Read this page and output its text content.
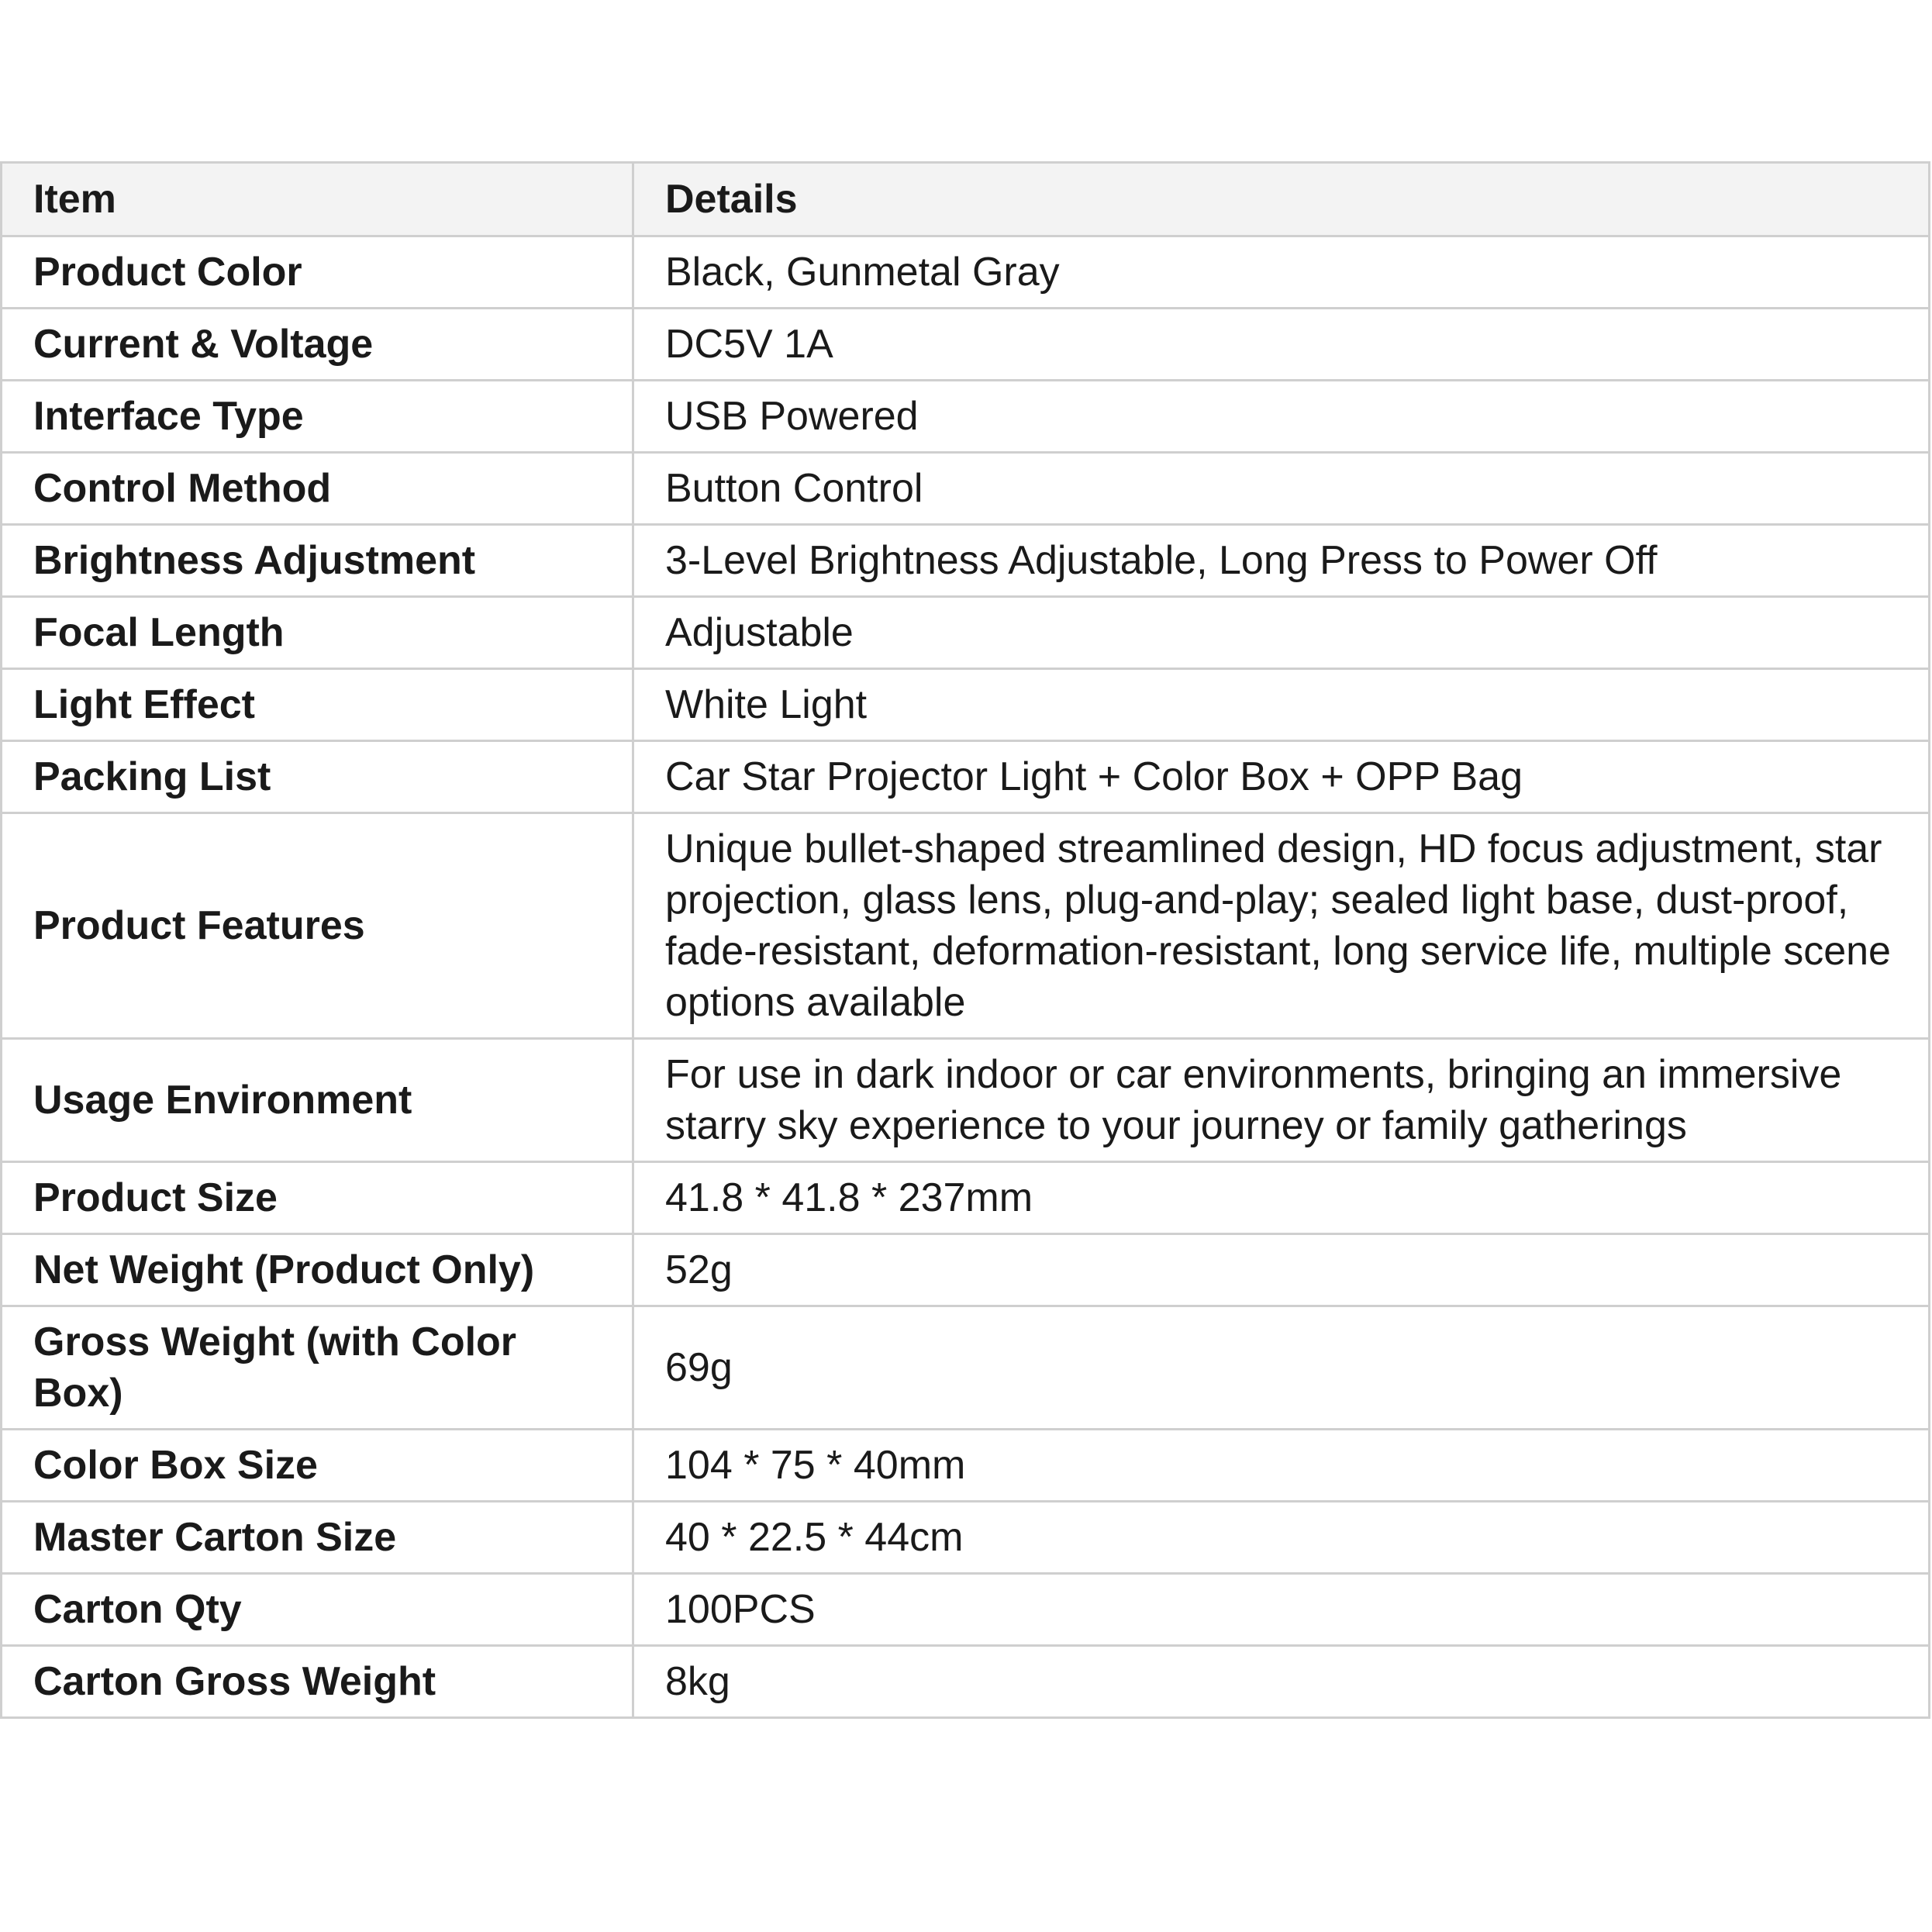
Item	Details
Product Color	Black, Gunmetal Gray
Current & Voltage	DC5V 1A
Interface Type	USB Powered
Control Method	Button Control
Brightness Adjustment	3-Level Brightness Adjustable, Long Press to Power Off
Focal Length	Adjustable
Light Effect	White Light
Packing List	Car Star Projector Light + Color Box + OPP Bag
Product Features	Unique bullet-shaped streamlined design, HD focus adjustment, star projection, glass lens, plug-and-play; sealed light base, dust-proof, fade-resistant, deformation-resistant, long service life, multiple scene options available
Usage Environment	For use in dark indoor or car environments, bringing an immersive starry sky experience to your journey or family gatherings
Product Size	41.8 * 41.8 * 237mm
Net Weight (Product Only)	52g
Gross Weight (with Color Box)	69g
Color Box Size	104 * 75 * 40mm
Master Carton Size	40 * 22.5 * 44cm
Carton Qty	100PCS
Carton Gross Weight	8kg
